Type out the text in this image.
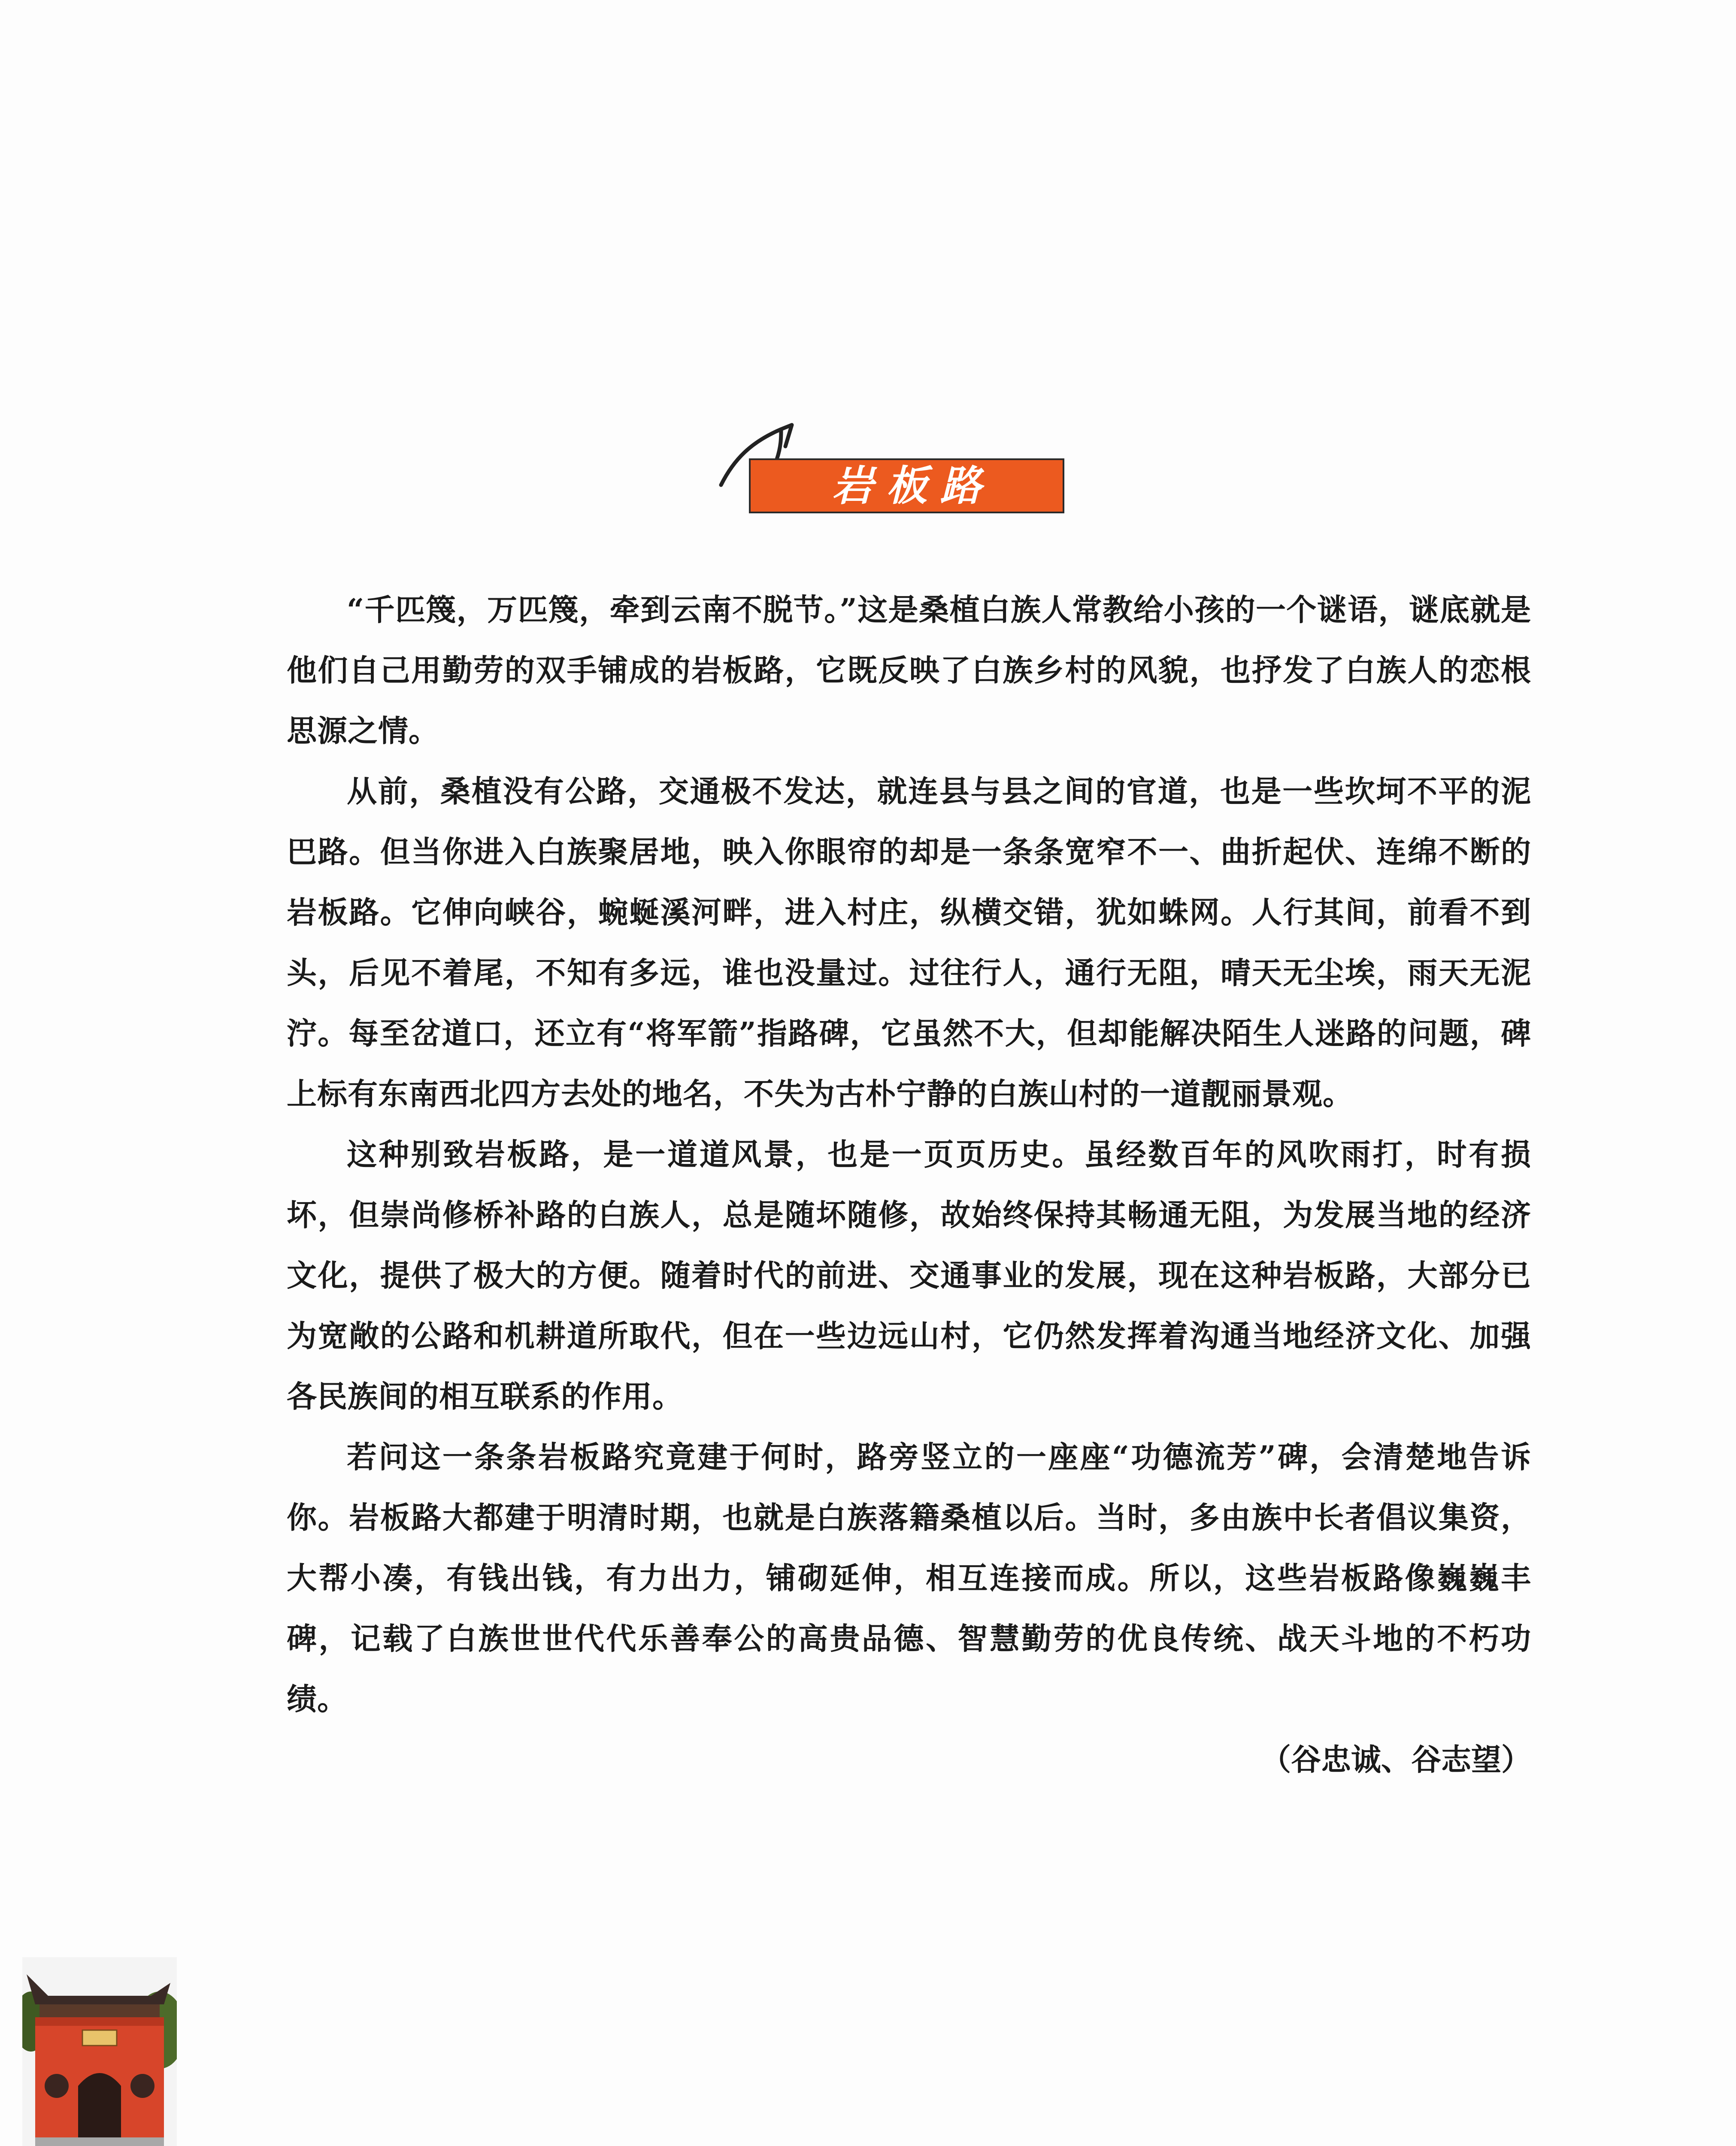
岩板路

“千匹篾，万匹篾，牵到云南不脱节。”这是桑植白族人常教给小孩的一个谜语，谜底就是他们自己用勤劳的双手铺成的岩板路，它既反映了白族乡村的风貌，也抒发了白族人的恋根思源之情。

从前，桑植没有公路，交通极不发达，就连县与县之间的官道，也是一些坎坷不平的泥巴路。但当你进入白族聚居地，映入你眼帘的却是一条条宽窄不一、曲折起伏、连绵不断的岩板路。它伸向峡谷，蜿蜒溪河畔，进入村庄，纵横交错，犹如蛛网。人行其间，前看不到头，后见不着尾，不知有多远，谁也没量过。过往行人，通行无阻，晴天无尘埃，雨天无泥泞。每至岔道口，还立有“将军箭”指路碑，它虽然不大，但却能解决陌生人迷路的问题，碑上标有东南西北四方去处的地名，不失为古朴宁静的白族山村的一道靓丽景观。

这种别致岩板路，是一道道风景，也是一页页历史。虽经数百年的风吹雨打，时有损坏，但崇尚修桥补路的白族人，总是随坏随修，故始终保持其畅通无阻，为发展当地的经济文化，提供了极大的方便。随着时代的前进、交通事业的发展，现在这种岩板路，大部分已为宽敞的公路和机耕道所取代，但在一些边远山村，它仍然发挥着沟通当地经济文化、加强各民族间的相互联系的作用。

若问这一条条岩板路究竟建于何时，路旁竖立的一座座“功德流芳”碑，会清楚地告诉你。岩板路大都建于明清时期，也就是白族落籍桑植以后。当时，多由族中长者倡议集资，大帮小凑，有钱出钱，有力出力，铺砌延伸，相互连接而成。所以，这些岩板路像巍巍丰碑，记载了白族世世代代乐善奉公的高贵品德、智慧勤劳的优良传统、战天斗地的不朽功绩。

（谷忠诚、谷志望）
